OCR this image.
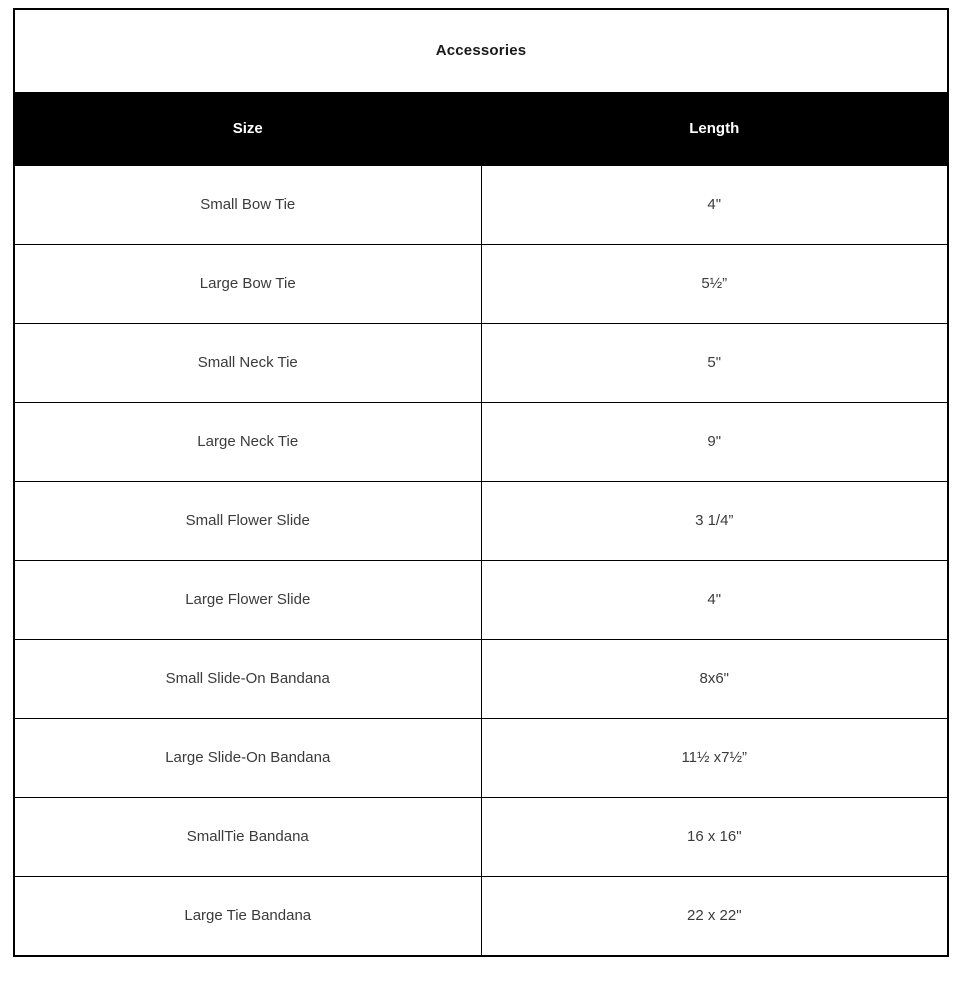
Accessories	
Size	Length
Small Bow Tie	4"
Large Bow Tie	5½”
Small Neck Tie	5"
Large Neck Tie	9"
Small Flower Slide	3 1/4”
Large Flower Slide	4"
Small Slide-On Bandana	8x6"
Large Slide-On Bandana	11½ x7½”
SmallTie Bandana	16 x 16"
Large Tie Bandana	22 x 22"
